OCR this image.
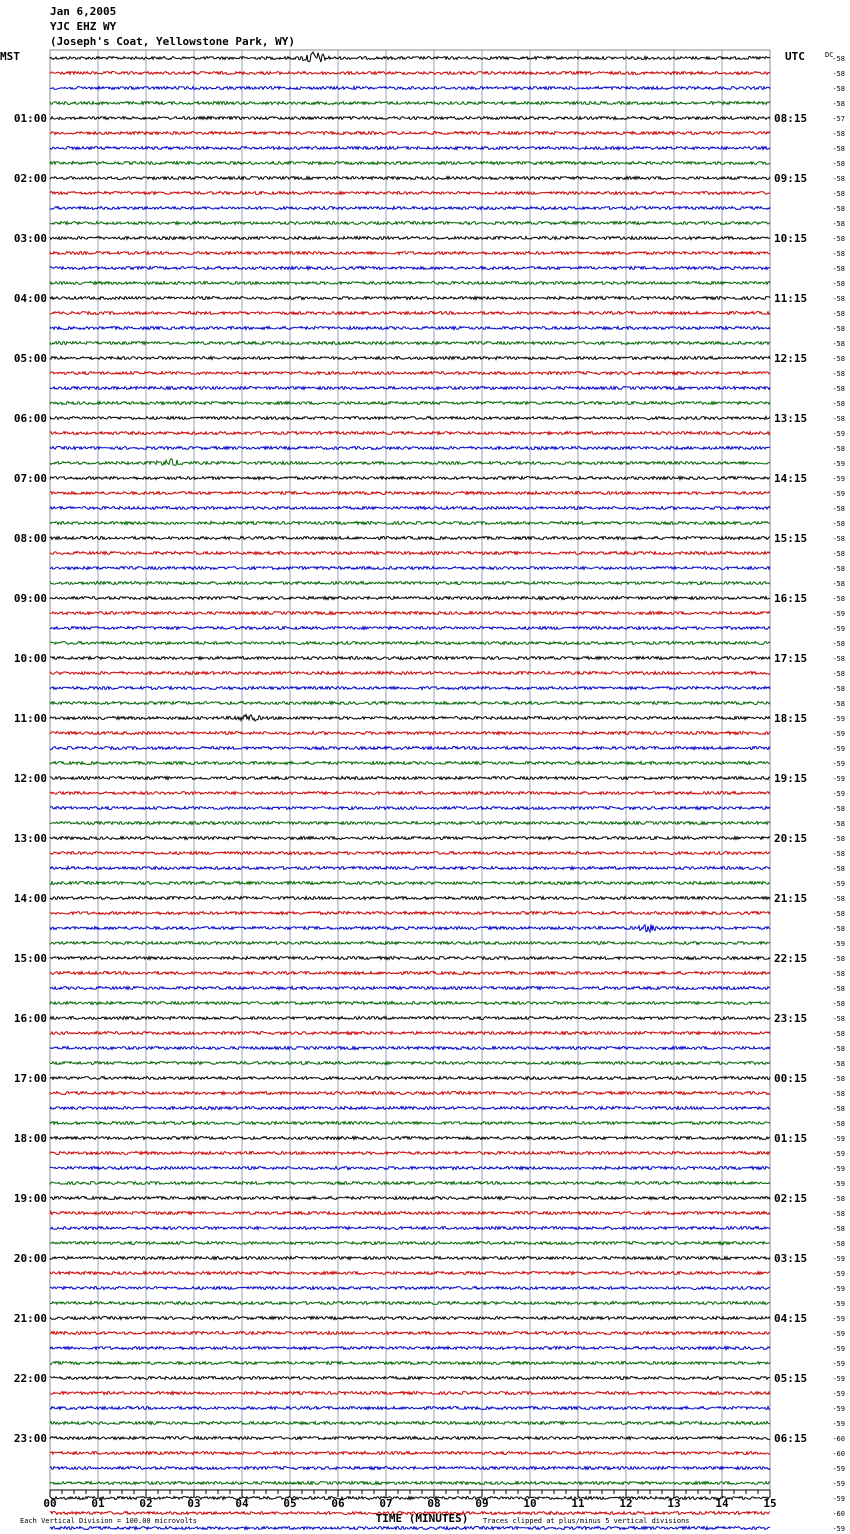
Jan 6,2005
YJC EHZ WY
(Joseph's Coat, Yellowstone Park, WY)
01:00
02:00
03:00
04:00
05:00
06:00
07:00
08:00
09:00
10:00
11:00
12:00
13:00
14:00
15:00
16:00
17:00
18:00
19:00
20:00
21:00
22:00
23:00
08:15
09:15
10:15
11:15
12:15
13:15
14:15
15:15
16:15
17:15
18:15
19:15
20:15
21:15
22:15
23:15
00:15
01:15
02:15
03:15
04:15
05:15
06:15
-58
-58
-58
-58
-57
-58
-58
-58
-58
-58
-58
-58
-58
-58
-58
-58
-58
-58
-58
-58
-58
-58
-58
-58
-58
-59
-58
-59
-59
-59
-58
-58
-58
-58
-58
-58
-58
-59
-59
-58
-58
-58
-58
-58
-59
-59
-59
-59
-59
-59
-58
-58
-58
-58
-58
-59
-58
-58
-58
-59
-58
-58
-58
-58
-58
-58
-58
-58
-58
-58
-58
-58
-59
-59
-59
-59
-58
-58
-58
-58
-59
-59
-59
-59
-59
-59
-59
-59
-59
-59
-59
-59
-60
-60
-59
-59
-59
-60
-59
00	01	02	03	04	05	06	07	08	09	10	11	12	13	14	15
MST	UTC	DC
TIME (MINUTES)
Each Vertical Division = 100.00 microvolts	Traces clipped at plus/minus 5 vertical divisions
